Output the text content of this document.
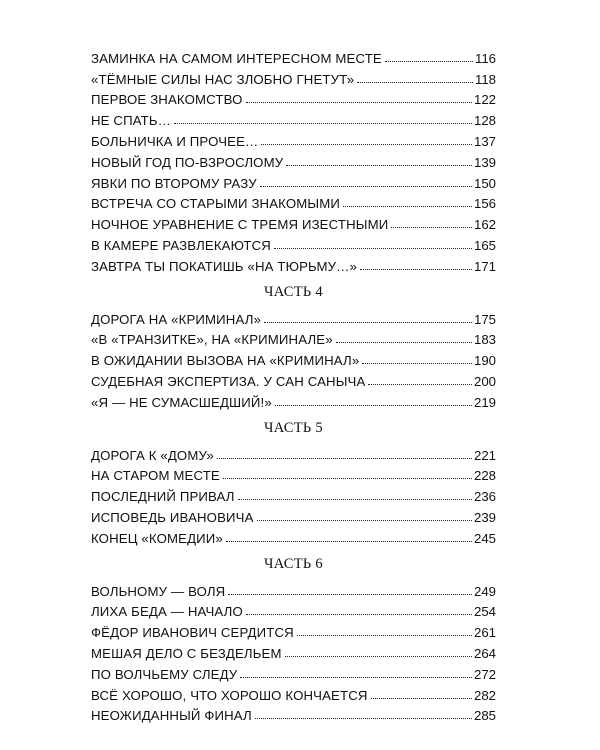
ЗАМИНКА НА САМОМ ИНТЕРЕСНОМ МЕСТЕ	116
«ТЁМНЫЕ СИЛЫ НАС ЗЛОБНО ГНЕТУТ»	118
ПЕРВОЕ ЗНАКОМСТВО	122
НЕ СПАТЬ…	128
БОЛЬНИЧКА И ПРОЧЕЕ…	137
НОВЫЙ ГОД ПО-ВЗРОСЛОМУ	139
ЯВКИ ПО ВТОРОМУ РАЗУ	150
ВСТРЕЧА СО СТАРЫМИ ЗНАКОМЫМИ	156
НОЧНОЕ УРАВНЕНИЕ С ТРЕМЯ ИЗЕСТНЫМИ	162
В КАМЕРЕ РАЗВЛЕКАЮТСЯ	165
ЗАВТРА ТЫ ПОКАТИШЬ «НА ТЮРЬМУ…»	171
ЧАСТЬ 4
ДОРОГА НА «КРИМИНАЛ»	175
«В «ТРАНЗИТКЕ», НА «КРИМИНАЛЕ»	183
В ОЖИДАНИИ ВЫЗОВА НА «КРИМИНАЛ»	190
СУДЕБНАЯ ЭКСПЕРТИЗА. У САН САНЫЧА	200
«Я — НЕ СУМАСШЕДШИЙ!»	219
ЧАСТЬ 5
ДОРОГА К «ДОМУ»	221
НА СТАРОМ МЕСТЕ	228
ПОСЛЕДНИЙ ПРИВАЛ	236
ИСПОВЕДЬ ИВАНОВИЧА	239
КОНЕЦ «КОМЕДИИ»	245
ЧАСТЬ 6
ВОЛЬНОМУ — ВОЛЯ	249
ЛИХА БЕДА — НАЧАЛО	254
ФЁДОР ИВАНОВИЧ СЕРДИТСЯ	261
МЕШАЯ ДЕЛО С БЕЗДЕЛЬЕМ	264
ПО ВОЛЧЬЕМУ СЛЕДУ	272
ВСЁ ХОРОШО, ЧТО ХОРОШО КОНЧАЕТСЯ	282
НЕОЖИДАННЫЙ ФИНАЛ	285
